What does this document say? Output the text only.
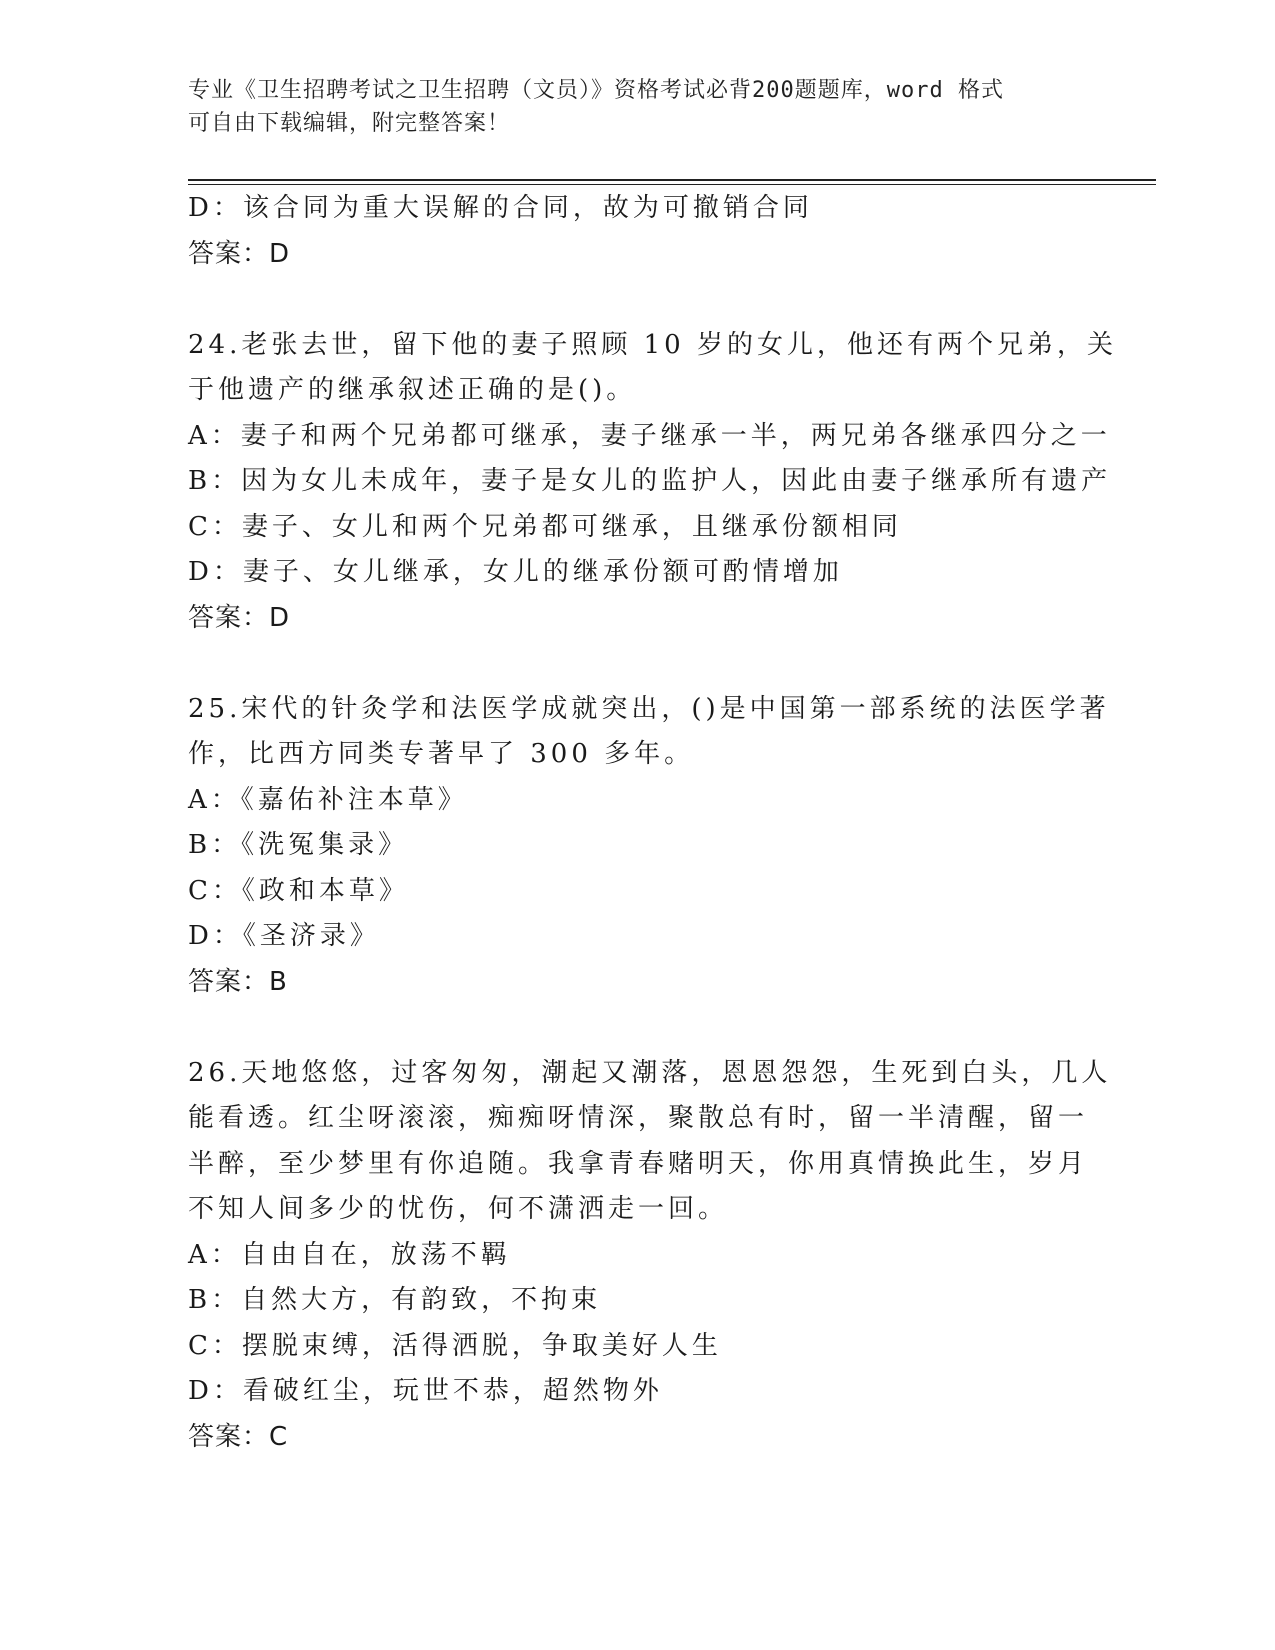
专业《卫生招聘考试之卫生招聘（文员）》资格考试必背200题题库，word 格式
可自由下载编辑，附完整答案！
D：该合同为重大误解的合同，故为可撤销合同
答案：D
24.老张去世，留下他的妻子照顾 10 岁的女儿，他还有两个兄弟，关
于他遗产的继承叙述正确的是()。
A：妻子和两个兄弟都可继承，妻子继承一半，两兄弟各继承四分之一
B：因为女儿未成年，妻子是女儿的监护人，因此由妻子继承所有遗产
C：妻子、女儿和两个兄弟都可继承，且继承份额相同
D：妻子、女儿继承，女儿的继承份额可酌情增加
答案：D
25.宋代的针灸学和法医学成就突出，()是中国第一部系统的法医学著
作，比西方同类专著早了 300 多年。
A：《嘉佑补注本草》
B：《洗冤集录》
C：《政和本草》
D：《圣济录》
答案：B
26.天地悠悠，过客匆匆，潮起又潮落，恩恩怨怨，生死到白头，几人
能看透。红尘呀滚滚，痴痴呀情深，聚散总有时，留一半清醒，留一
半醉，至少梦里有你追随。我拿青春赌明天，你用真情换此生，岁月
不知人间多少的忧伤，何不潇洒走一回。
A：自由自在，放荡不羁
B：自然大方，有韵致，不拘束
C：摆脱束缚，活得洒脱，争取美好人生
D：看破红尘，玩世不恭，超然物外
答案：C
